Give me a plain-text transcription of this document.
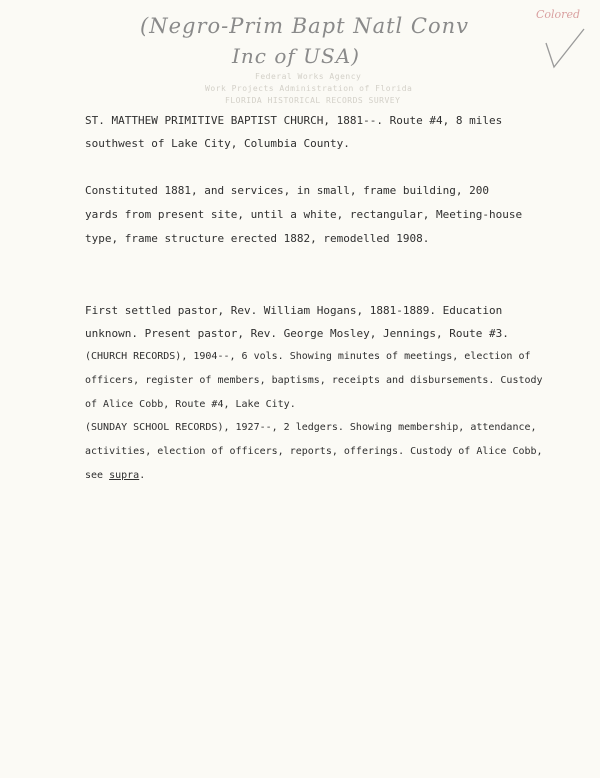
(Negro-Prim Bapt Natl Conv
Inc of USA)
Colored
Federal Works Agency
Work Projects Administration of Florida
FLORIDA HISTORICAL RECORDS SURVEY
ST. MATTHEW PRIMITIVE BAPTIST CHURCH, 1881--. Route #4, 8 miles
southwest of Lake City, Columbia County.
Constituted 1881, and services, in small, frame building, 200
yards from present site, until a white, rectangular, Meeting-house
type, frame structure erected 1882, remodelled 1908.
First settled pastor, Rev. William Hogans, 1881-1889. Education
unknown. Present pastor, Rev. George Mosley, Jennings, Route #3.
(CHURCH RECORDS), 1904--, 6 vols. Showing minutes of meetings, election of
officers, register of members, baptisms, receipts and disbursements. Custody
of Alice Cobb, Route #4, Lake City.
(SUNDAY SCHOOL RECORDS), 1927--, 2 ledgers. Showing membership, attendance,
activities, election of officers, reports, offerings. Custody of Alice Cobb,
see supra.
